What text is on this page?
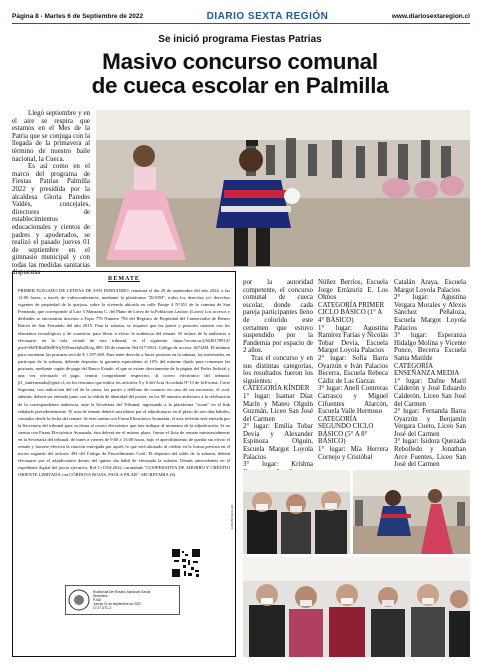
Página 8 - Martes 6 de Septiembre de 2022	DIARIO SEXTA REGIÓN	www.diariosextaregion.cl
Se inició programa Fiestas Patrias
Masivo concurso comunal
de cueca escolar en Palmilla

Llegó septiembre y en el aire se respira que estamos en el Mes de la Patria que se conjuga con la llegada de la primavera al término de nuestro baile nacional, la Cueca.

Es así como en el marco del programa de Fiestas Patrias Palmilla 2022 y presidida por la alcaldesa Gloria Paredes Valdés, concejales, directores de establecimientos educacionales y cientos de padres y apoderados, se realizó el pasado jueves 01 de septiembre en el gimnasio municipal y con todas las medidas sanitarias dispuestas

REMATE
PRIMER JUZGADO DE LETRAS DE SAN FERNANDO, rematará el día 29 de septiembre del año 2022, a las 12:00 horas, a través de videoconferencia, mediante la plataforma "ZOOM", todos los derechos y/o derechos vigentes de propiedad de la quejosa, sobre la vivienda ubicada en calle Pasaje 4 N°451 de la comuna de San Fernando, que corresponde al Lote 5 Manzana C, del Plano de Loteo de la Población Lautaro (Loteo) Los accesos y deslindes se encuentran inscritos a Fojas 776 Número 794 del Registro de Propiedad del Conservador de Bienes Raíces de San Fernando del año 2015. Para la subasta, se requiere que las partes y postores cuenten con los elementos tecnológicos y de conexión, para llevar a efecto la audiencia del remate. El enlace de la audiencia a efectuarse en la sala virtual de este tribunal, es el siguiente: https://zoom.us/j/3640178914?pwd=SkFERnlDb0FIOjN3Smtxbjhu5Uzg.009. ID de reunión 364 017 8914. Código de acceso: 4674JM. El mínimo para comenzar las posturas será de $ 1.597.669. Para tener derecho a hacer posturas en la subasta, los interesados en participar de la subasta, deberán depositar la garantía equivalente al 10% del mínimo fijado para comenzar las posturas, mediante cupón de pago del Banco Estado, el que se extrae directamente de la página del Poder Judicial y una vez efectuado el pago, remitir comprobante respectivo, al correo electrónico del tribunal: jl1_sanfernando@pjud.cl, en los términos que indica los artículos 5 y 6 del Acta Acordada N°13 de la Excma. Corte Suprema, con indicación del rol de la causa, las partes y teléfono de contacto en caso de ser necesario, el cual, además, deberá ser enviado junto con la cédula de identidad del postor, en los 90 minutos anteriores a la celebración de la correspondiente audiencia, ante la Secretaria del Tribunal, ingresando a la plataforma "zoom" en el link señalado precedentemente. El acta de remate deberá suscribirse por el adjudicatario en el plazo de tres días hábiles, contados desde la fecha del remate. Si éste cuenta con Firma Electrónica Avanzada, el acta referida será enviada por la Secretaria del tribunal para su firma al correo electrónico que éste indique al momento de la adjudicación. Si no cuenta con Firma Electrónica Avanzada, ésta deberá ser el mismo plazo, firmar el Acta de remate ministerialmente en la Secretaría del tribunal, de lunes a viernes de 9:00 a 13:00 horas, bajo el apercibimiento de quedar sin efecto el remate y hacerse efectiva la caución entregada por aquél, lo que será abonado al crédito en la forma prevista en el inciso segundo del artículo 494 del Código de Procedimiento Civil. El depósito del saldo de la subasta, deberá efectuarse por el adjudicatario dentro del quinto día hábil de efectuada la subasta. Demás antecedentes en el expediente digital del juicio ejecutivo, Rol C-1354-2022, caratulado "COOPERATIVA DE AHORRO Y CRÉDITO ORIENTE LIMITADA con CÓRDOVA ROJAS, PAOLA PILAR". SECRETARIA (S).
120225046213-96
Rudecinda Del Rosario Sandoval Garcia
Secretario
PJUD
Jueves 01 de septiembre de 2022
17:27 UTC-3

por la autoridad competente, el concurso comunal de cueca escolar, donde cada pareja participantes lleno de colorido este certamen que estuvo suspendido por la Pandemia por espacio de 2 años.

Tras el concurso y en sus distintas categorías, los resultados fueron los siguientes:

CATEGORÍA KÍNDER

1° lugar: Isamar Díaz Marín y Mateo Olguín Guzmán, Liceo San José del Carmen

2° lugar: Emilia Tobar Devia y Alexander Espinoza Olguín, Escuela Margot Loyola Palacios

3° lugar: Krishna

Núñez Berríos, Escuela Jorge Errázuriz E. Los Olmos

CATEGORÍA PRIMER CICLO BÁSICO (1° A 4° BÁSICO)

1° lugar: Agustina Ramírez Farías y Nicolás Tobar Devia, Escuela Margot Loyola Palacios

2° lugar: Sofía Barra Oyarzún e Iván Palacios Becerra, Escuela Rebeca Cádiz de Las Garzas

3° lugar: Anell Contreras Carrasco y Miguel Cifuentes Alarcón, Escuela Valle Hermoso

CATEGORÍA SEGUNDO CICLO BÁSICO (5° A 8° BÁSICO)

1° lugar: Mía Herrera Cornejo y Cristóbal

Catalán Araya, Escuela Margot Loyola Palacios

2° lugar: Agustina Vergara Morales y Alexis Sánchez Peñaloza, Escuela Margot Loyola Palacios

3° lugar: Esperanza Hidalgo Molina y Vicente Ponce, Becerra Escuela Santa Matilde

CATEGORÍA ENSEÑANZA MEDIA

1° lugar: Dafne Maril Calderón y José Eduardo Calderón, Liceo San José del Carmen

2° lugar: Fernanda Barra Oyarzún y Benjamín Vergara Cueto, Liceo San José del Carmen

3° lugar: Isidora Quezada Rebolledo y Jonathan Arce Fuentes, Liceo San José del Carmen
